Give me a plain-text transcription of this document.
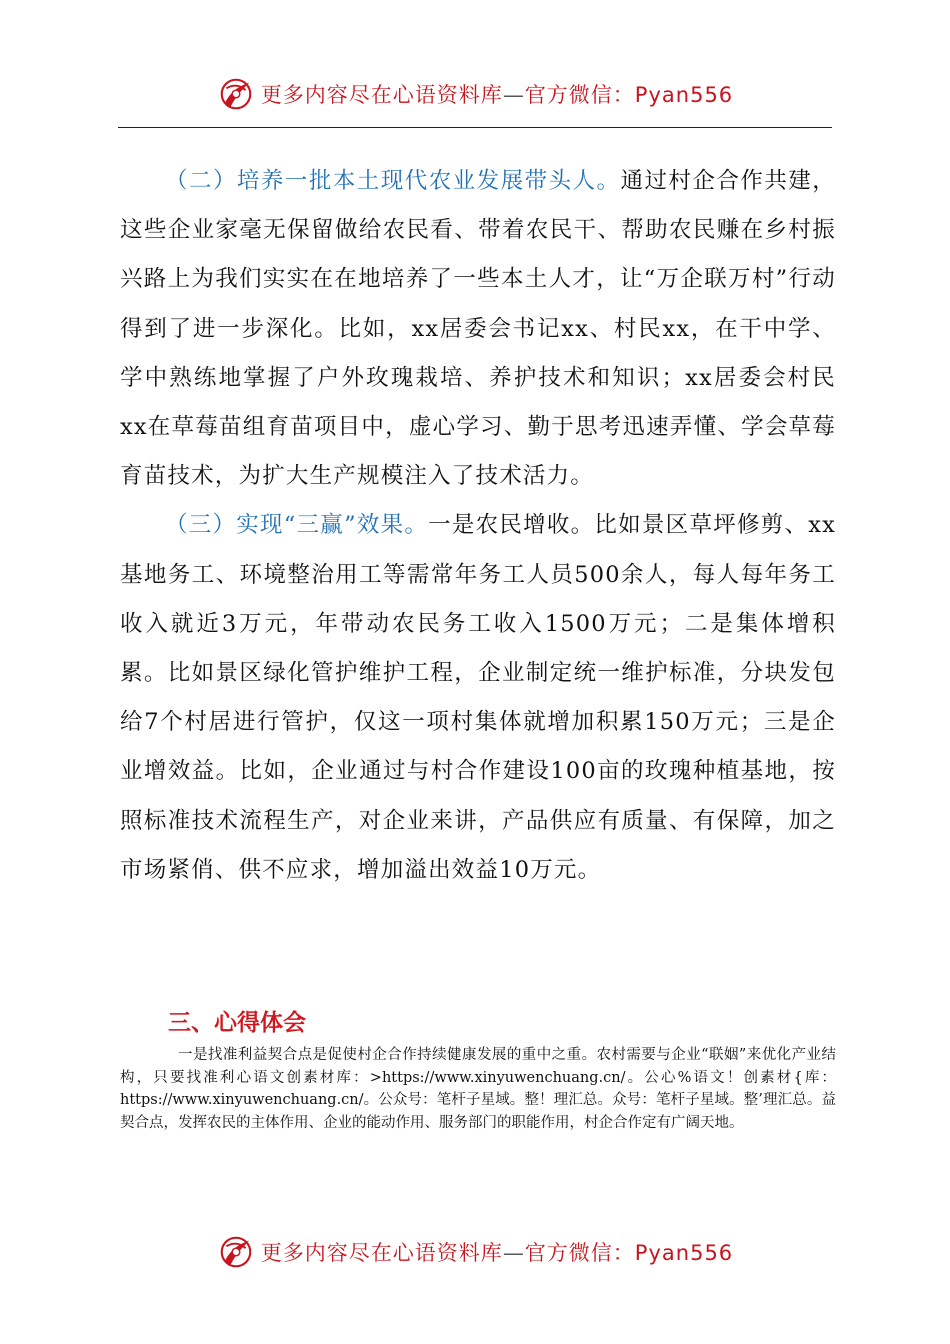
更多内容尽在心语资料库—官方微信：Pyan556

（二）培养一批本土现代农业发展带头人。通过村企合作共建，这些企业家毫无保留做给农民看、带着农民干、帮助农民赚在乡村振兴路上为我们实实在在地培养了一些本土人才，让“万企联万村”行动得到了进一步深化。比如，xx居委会书记xx、村民xx，在干中学、学中熟练地掌握了户外玫瑰栽培、养护技术和知识；xx居委会村民xx在草莓苗组育苗项目中，虚心学习、勤于思考迅速弄懂、学会草莓育苗技术，为扩大生产规模注入了技术活力。

（三）实现“三赢”效果。一是农民增收。比如景区草坪修剪、xx基地务工、环境整治用工等需常年务工人员500余人，每人每年务工收入就近3万元，年带动农民务工收入1500万元；二是集体增积累。比如景区绿化管护维护工程，企业制定统一维护标准，分块发包给7个村居进行管护，仅这一项村集体就增加积累150万元；三是企业增效益。比如，企业通过与村合作建设100亩的玫瑰种植基地，按照标准技术流程生产，对企业来讲，产品供应有质量、有保障，加之市场紧俏、供不应求，增加溢出效益10万元。

三、心得体会

一是找准利益契合点是促使村企合作持续健康发展的重中之重。农村需要与企业“联姻”来优化产业结构，只要找准利心语文创素材库：>https://www.xinyuwenchuang.cn/。公心%语文！创素材{库：https://www.xinyuwenchuang.cn/。公众号：笔杆子星域。整！理汇总。众号：笔杆子星域。整’理汇总。益契合点，发挥农民的主体作用、企业的能动作用、服务部门的职能作用，村企合作定有广阔天地。

更多内容尽在心语资料库—官方微信：Pyan556
